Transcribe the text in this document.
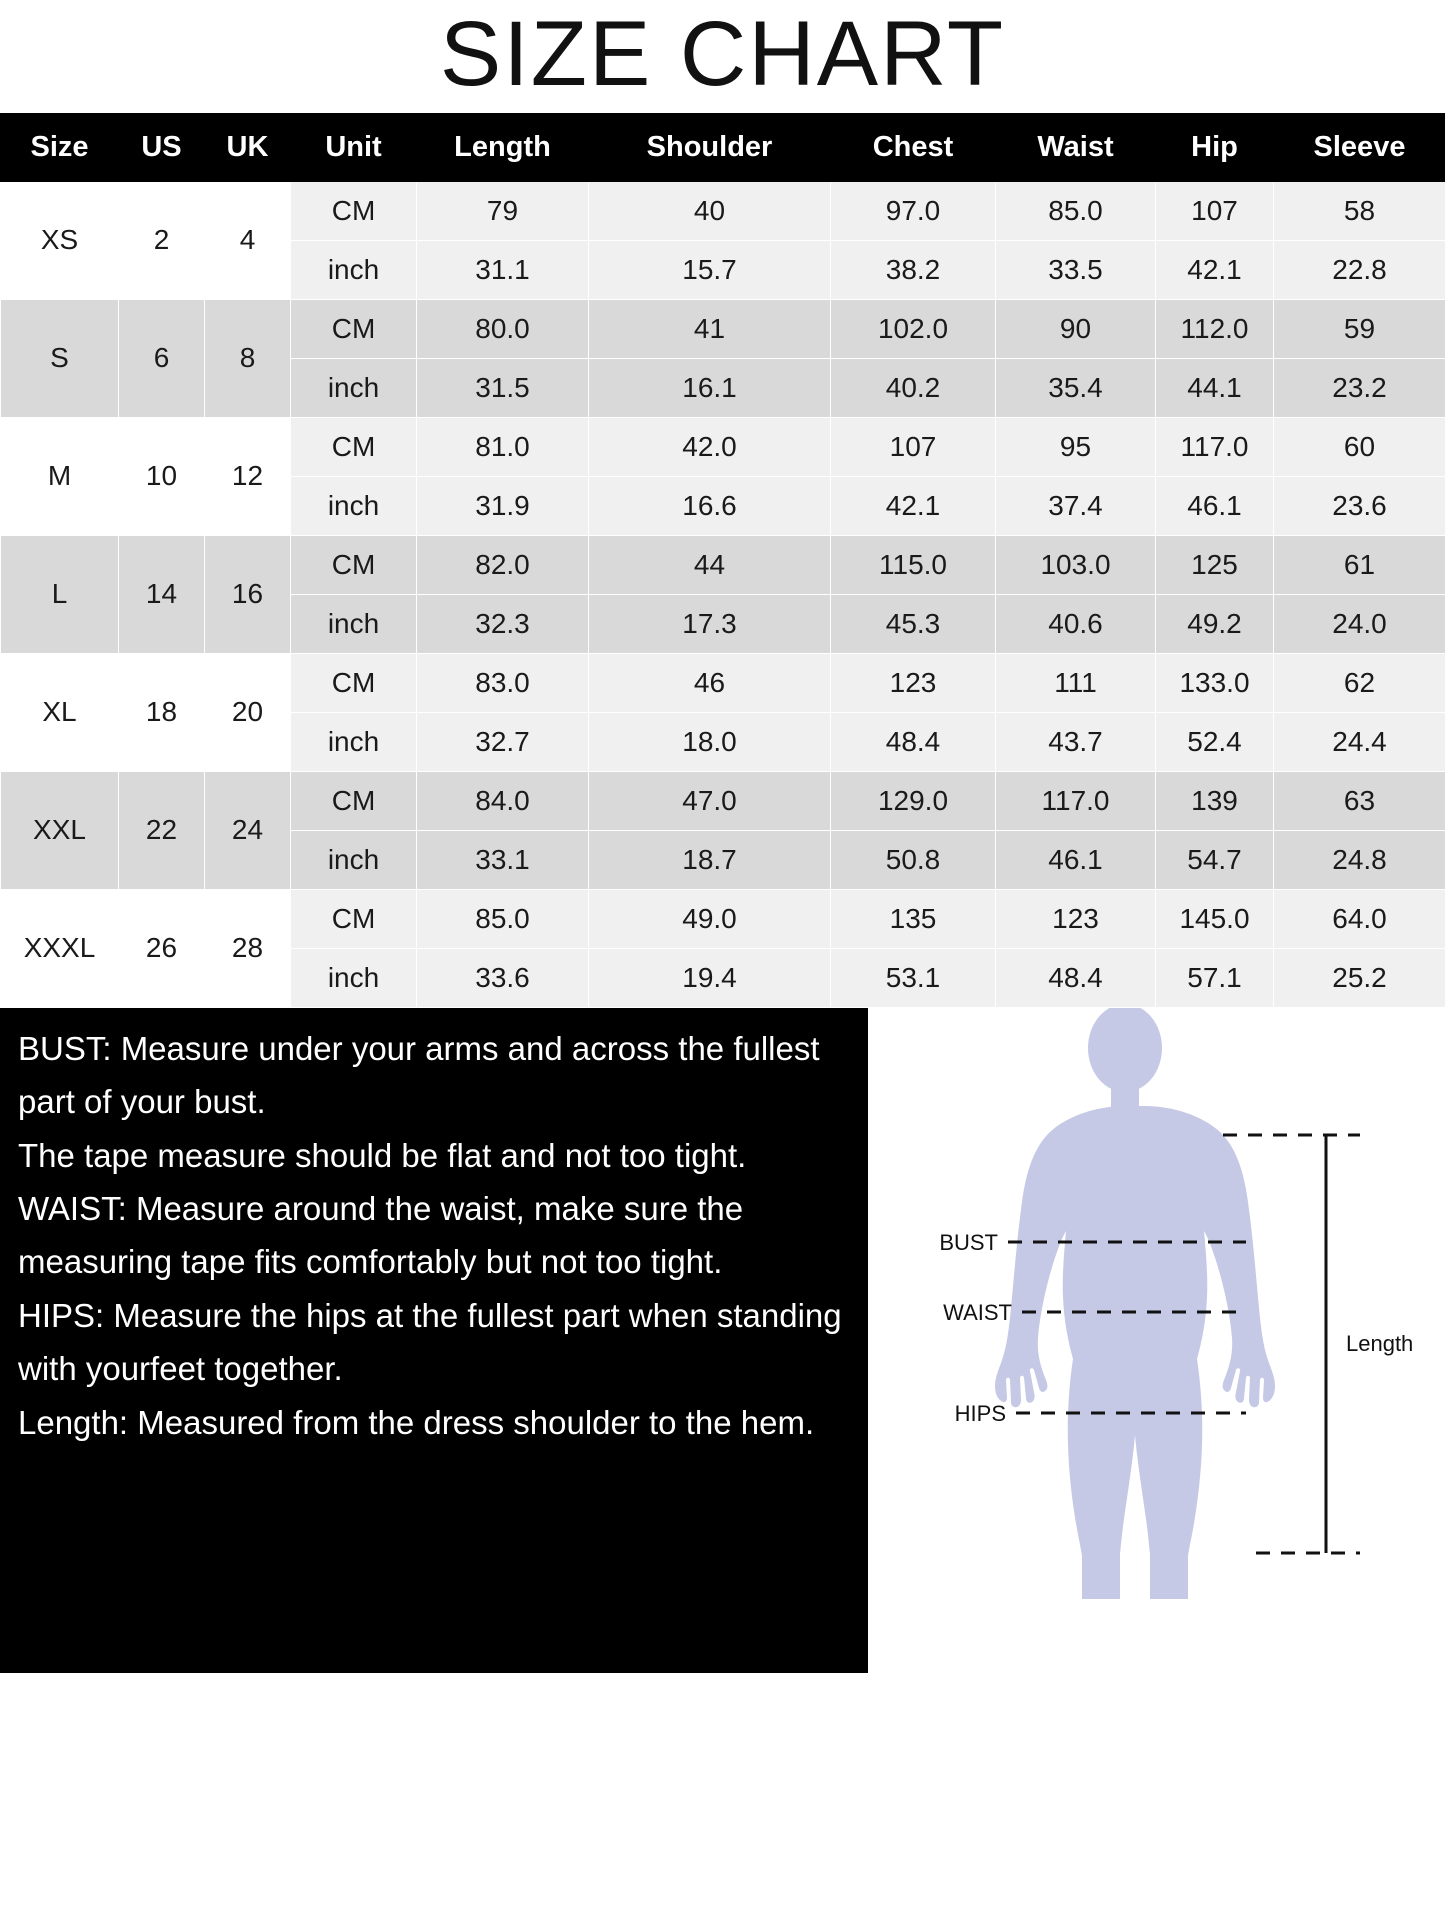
SIZE CHART
Size	US	UK	Unit	Length	Shoulder	Chest	Waist	Hip	Sleeve
XS	2	4	CM	79	40	97.0	85.0	107	58
			inch	31.1	15.7	38.2	33.5	42.1	22.8
S	6	8	CM	80.0	41	102.0	90	112.0	59
			inch	31.5	16.1	40.2	35.4	44.1	23.2
M	10	12	CM	81.0	42.0	107	95	117.0	60
			inch	31.9	16.6	42.1	37.4	46.1	23.6
L	14	16	CM	82.0	44	115.0	103.0	125	61
			inch	32.3	17.3	45.3	40.6	49.2	24.0
XL	18	20	CM	83.0	46	123	111	133.0	62
			inch	32.7	18.0	48.4	43.7	52.4	24.4
XXL	22	24	CM	84.0	47.0	129.0	117.0	139	63
			inch	33.1	18.7	50.8	46.1	54.7	24.8
XXXL	26	28	CM	85.0	49.0	135	123	145.0	64.0
			inch	33.6	19.4	53.1	48.4	57.1	25.2

BUST: Measure under your arms and across the fullest part of your bust.

The tape measure should be flat and not too tight.

WAIST: Measure around the waist, make sure the measuring tape fits comfortably but not too tight.

HIPS: Measure the hips at the fullest part when standing with yourfeet together.

Length: Measured from the dress shoulder to the hem.

BUST
WAIST
HIPS
Length
